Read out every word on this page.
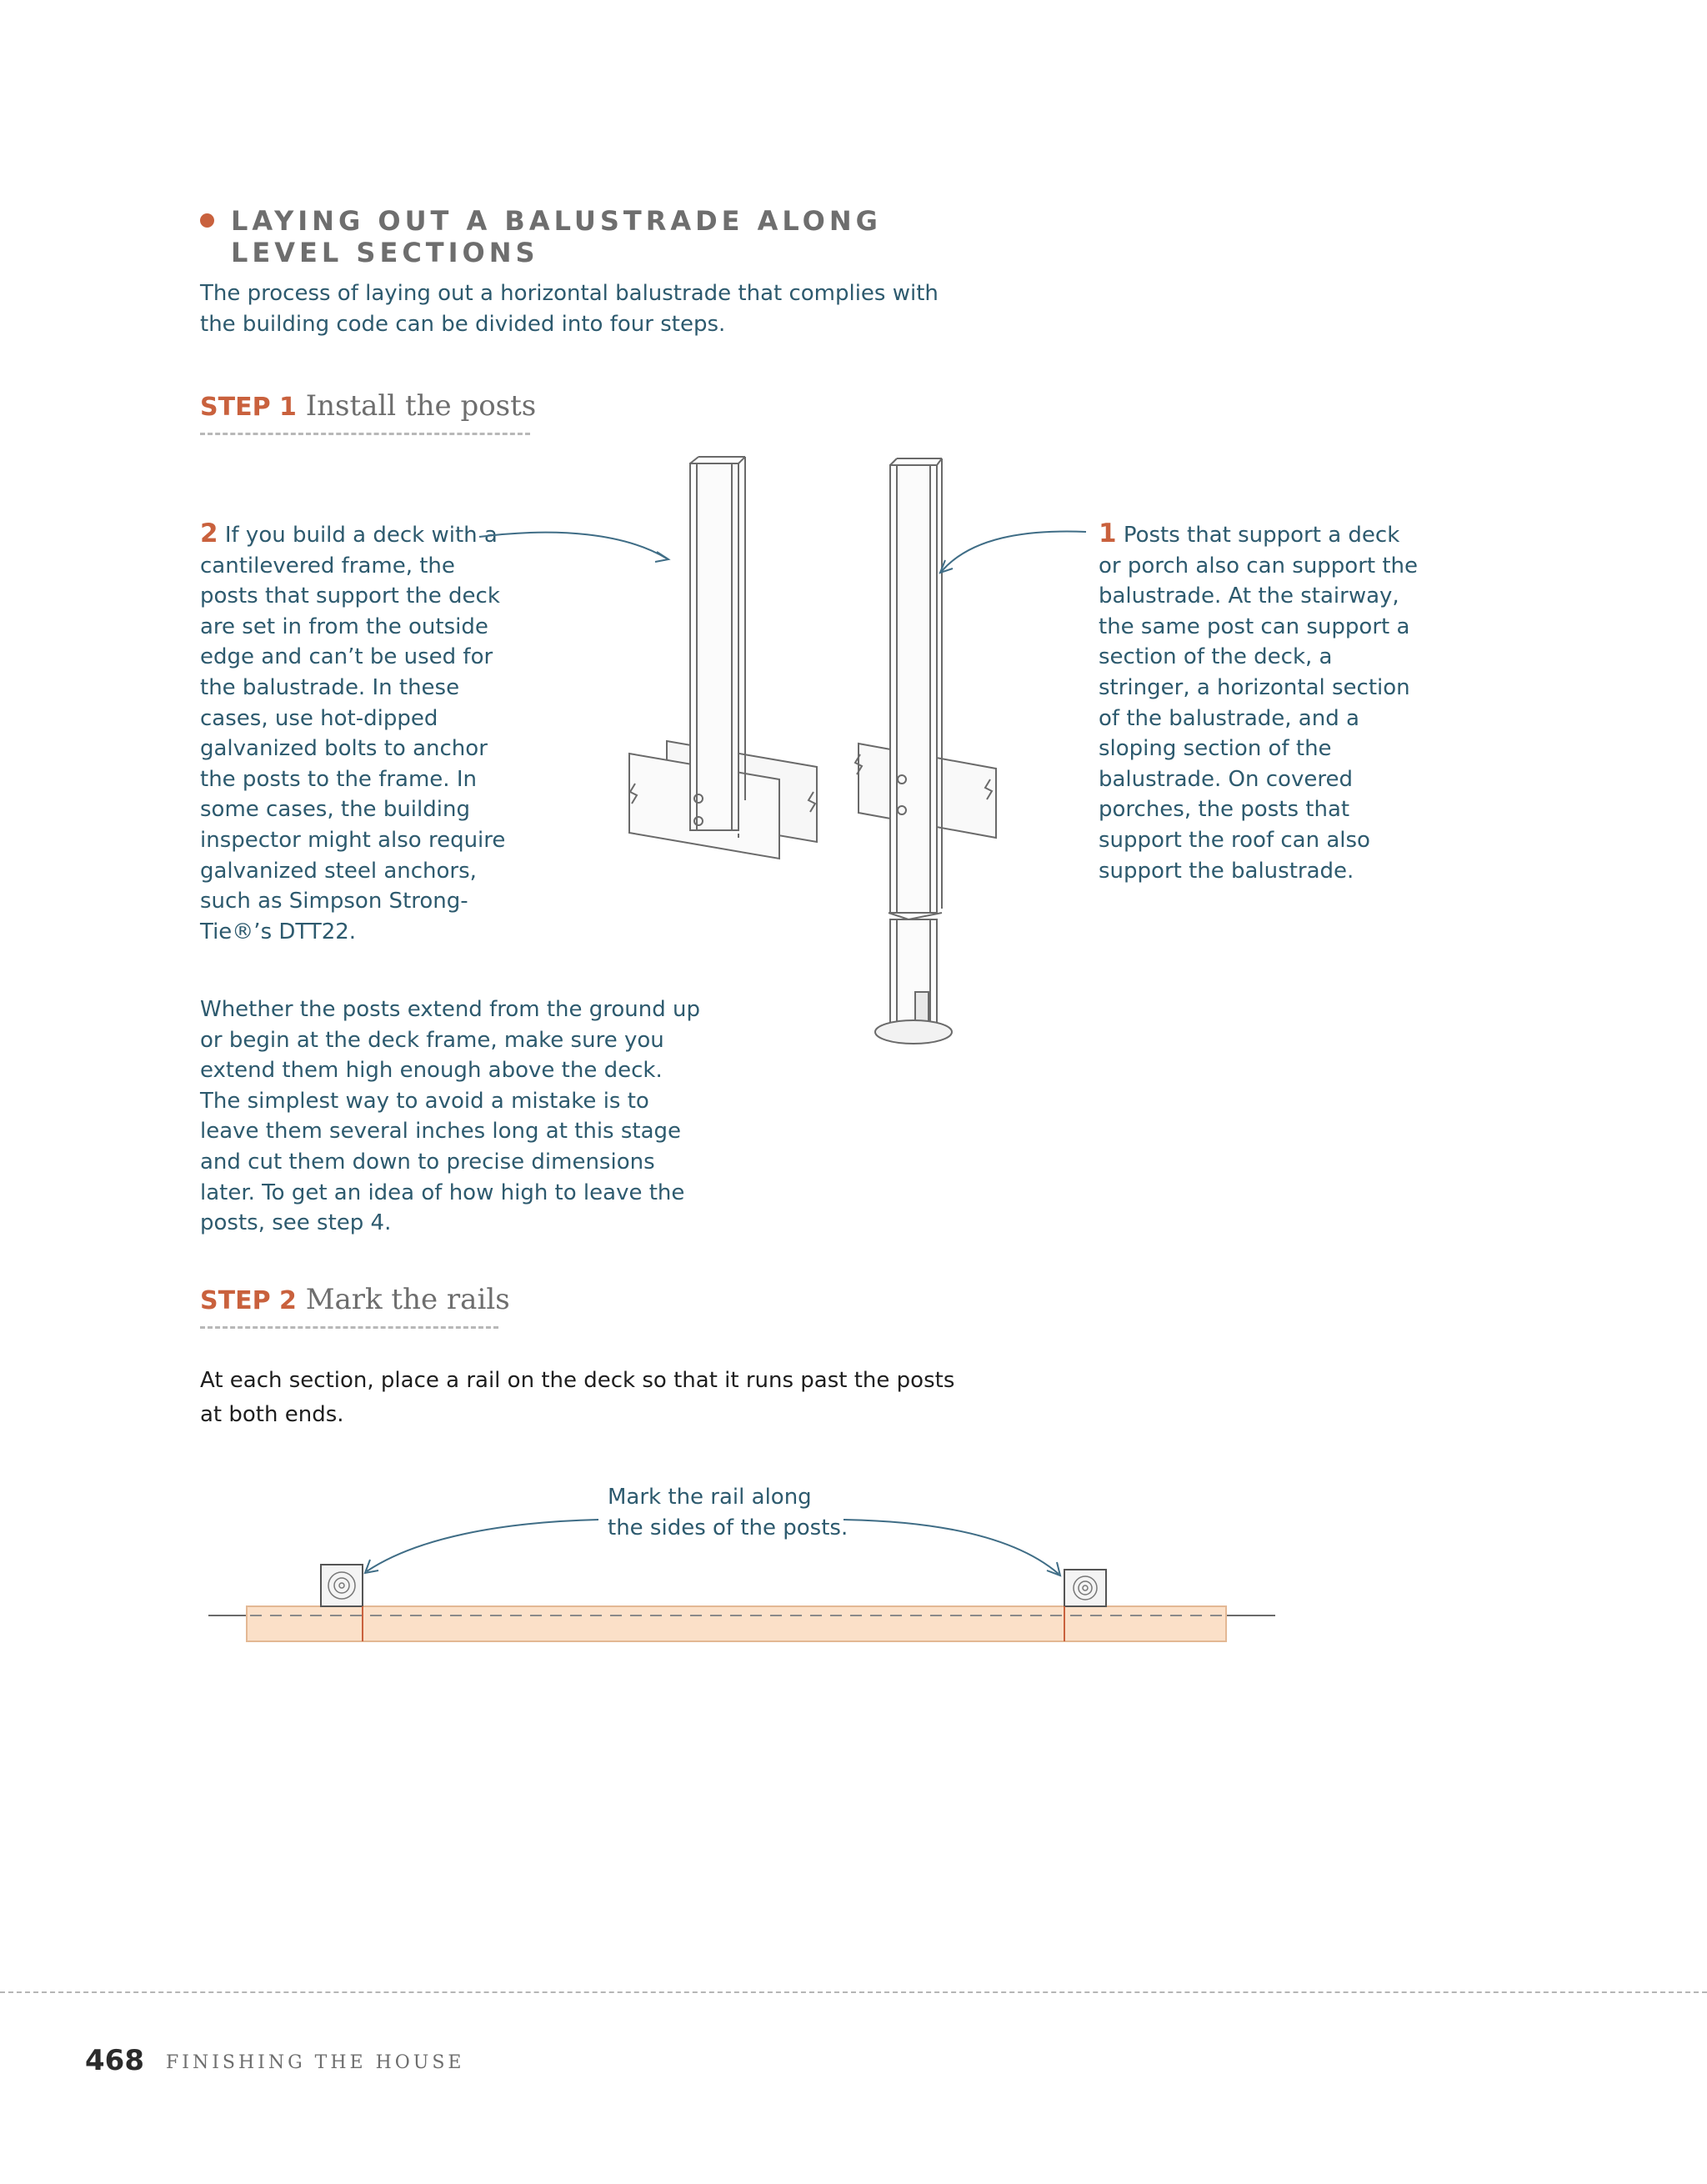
LAYING OUT A BALUSTRADE ALONG
LEVEL SECTIONS
The process of laying out a horizontal balustrade that complies with the building code can be divided into four steps.
STEP 1 Install the posts
2 If you build a deck with a cantilevered frame, the posts that support the deck are set in from the outside edge and can’t be used for the balustrade. In these cases, use hot-dipped galvanized bolts to anchor the posts to the frame. In some cases, the building inspector might also require galvanized steel anchors, such as Simpson Strong-Tie®’s DTT22.
1 Posts that support a deck or porch also can support the balustrade. At the stairway, the same post can support a section of the deck, a stringer, a horizontal section of the balustrade, and a sloping section of the balustrade. On covered porches, the posts that support the roof can also support the balustrade.
Whether the posts extend from the ground up or begin at the deck frame, make sure you extend them high enough above the deck. The simplest way to avoid a mistake is to leave them several inches long at this stage and cut them down to precise dimensions later. To get an idea of how high to leave the posts, see step 4.
STEP 2 Mark the rails
At each section, place a rail on the deck so that it runs past the posts at both ends.
Mark the rail along
the sides of the posts.
468 FINISHING THE HOUSE
